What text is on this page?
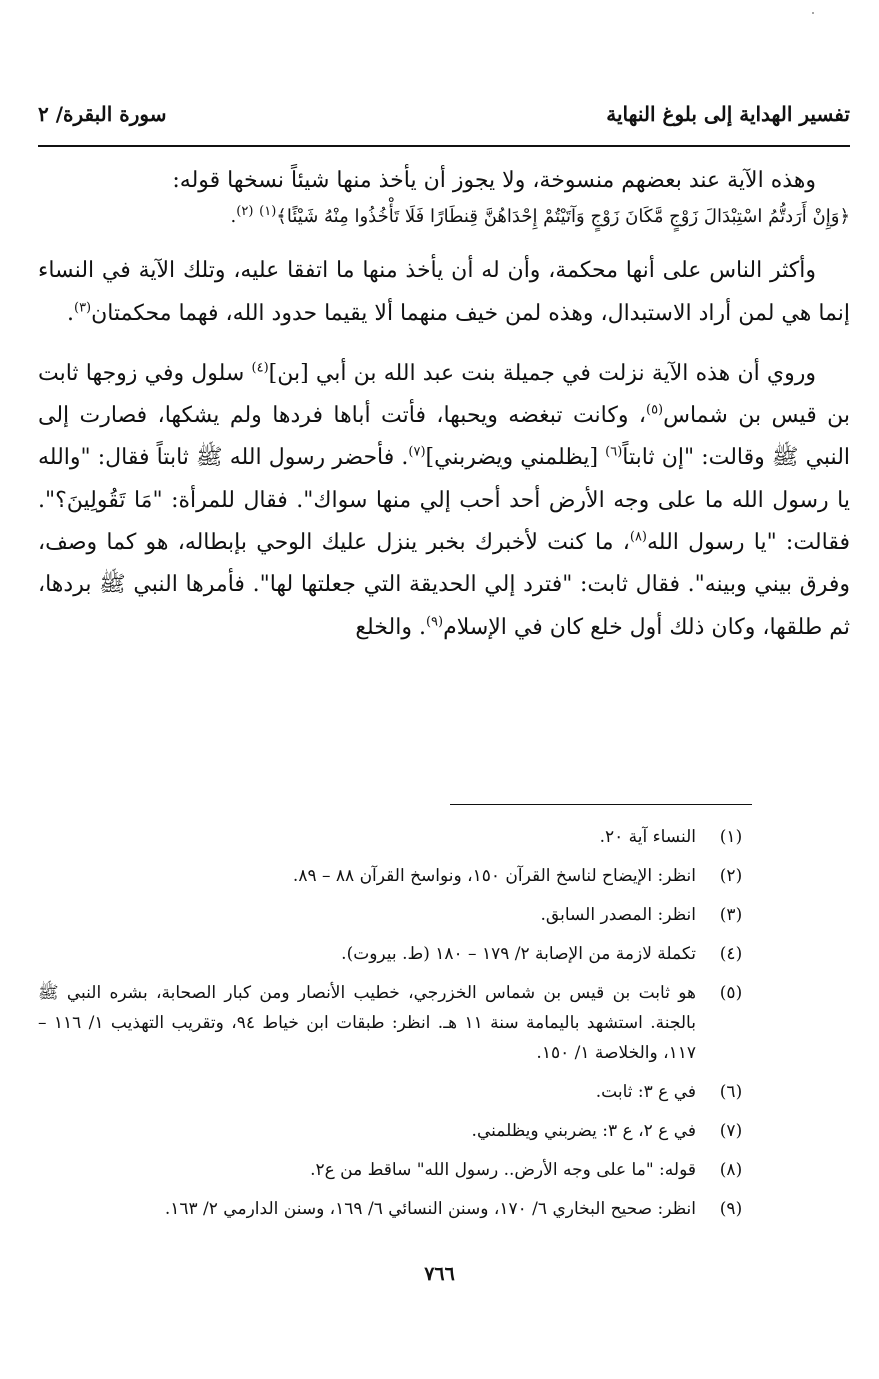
تفسير الهداية إلى بلوغ النهاية
سورة البقرة/ ٢

وهذه الآية عند بعضهم منسوخة، ولا يجوز أن يأخذ منها شيئاً نسخها قوله:
﴿وَإِنْ أَرَدتُّمُ اسْتِبْدَالَ زَوْجٍ مَّكَانَ زَوْجٍ وَآتَيْتُمْ إِحْدَاهُنَّ قِنطَارًا فَلَا تَأْخُذُوا مِنْهُ شَيْئًا﴾$^{(١)}$ $^{(٢)}$.

وأكثر الناس على أنها محكمة، وأن له أن يأخذ منها ما اتفقا عليه، وتلك الآية في النساء إنما هي لمن أراد الاستبدال، وهذه لمن خيف منهما ألا يقيما حدود الله، فهما محكمتان$^{(٣)}$.

وروي أن هذه الآية نزلت في جميلة بنت عبد الله بن أبي [بن]$^{(٤)}$ سلول وفي زوجها ثابت بن قيس بن شماس$^{(٥)}$، وكانت تبغضه ويحبها، فأتت أباها فردها ولم يشكها، فصارت إلى النبي ﷺ وقالت: "إن ثابتاً$^{(٦)}$ [يظلمني ويضربني]$^{(٧)}$. فأحضر رسول الله ﷺ ثابتاً فقال: "والله يا رسول الله ما على وجه الأرض أحد أحب إلي منها سواك". فقال للمرأة: "مَا تَقُولِينَ؟". فقالت: "يا رسول الله$^{(٨)}$، ما كنت لأخبرك بخبر ينزل عليك الوحي بإبطاله، هو كما وصف، وفرق بيني وبينه". فقال ثابت: "فترد إلي الحديقة التي جعلتها لها". فأمرها النبي ﷺ بردها، ثم طلقها، وكان ذلك أول خلع كان في الإسلام$^{(٩)}$. والخلع

(١)
النساء آية ٢٠.
(٢)
انظر: الإيضاح لناسخ القرآن ١٥٠، ونواسخ القرآن ٨٨ – ٨٩.
(٣)
انظر: المصدر السابق.
(٤)
تكملة لازمة من الإصابة ٢/ ١٧٩ – ١٨٠ (ط. بيروت).
(٥)
هو ثابت بن قيس بن شماس الخزرجي، خطيب الأنصار ومن كبار الصحابة، بشره النبي ﷺ بالجنة. استشهد باليمامة سنة ١١ هـ. انظر: طبقات ابن خياط ٩٤، وتقريب التهذيب ١/ ١١٦ – ١١٧، والخلاصة ١/ ١٥٠.
(٦)
في ع ٣: ثابت.
(٧)
في ع ٢، ع ٣: يضربني ويظلمني.
(٨)
قوله: "ما على وجه الأرض.. رسول الله" ساقط من ع٢.
(٩)
انظر: صحيح البخاري ٦/ ١٧٠، وسنن النسائي ٦/ ١٦٩، وسنن الدارمي ٢/ ١٦٣.
٧٦٦
